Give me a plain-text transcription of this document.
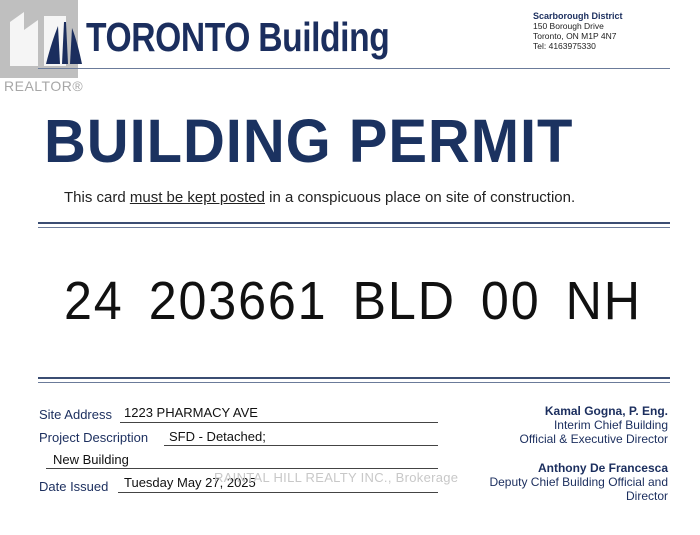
REALTOR®
TORONTO Building	Scarborough District
150 Borough Drive
Toronto, ON M1P 4N7
Tel: 4163975330
BUILDING PERMIT
This card must be kept posted in a conspicuous place on site of construction.
24 203661 BLD 00 NH
Site Address 1223 PHARMACY AVE
Project Description SFD - Detached;
New Building
Date Issued Tuesday May 27, 2025
RAINTAL HILL REALTY INC., Brokerage
Kamal Gogna, P. Eng.
Interim Chief Building
Official & Executive Director
Anthony De Francesca
Deputy Chief Building Official and
Director
